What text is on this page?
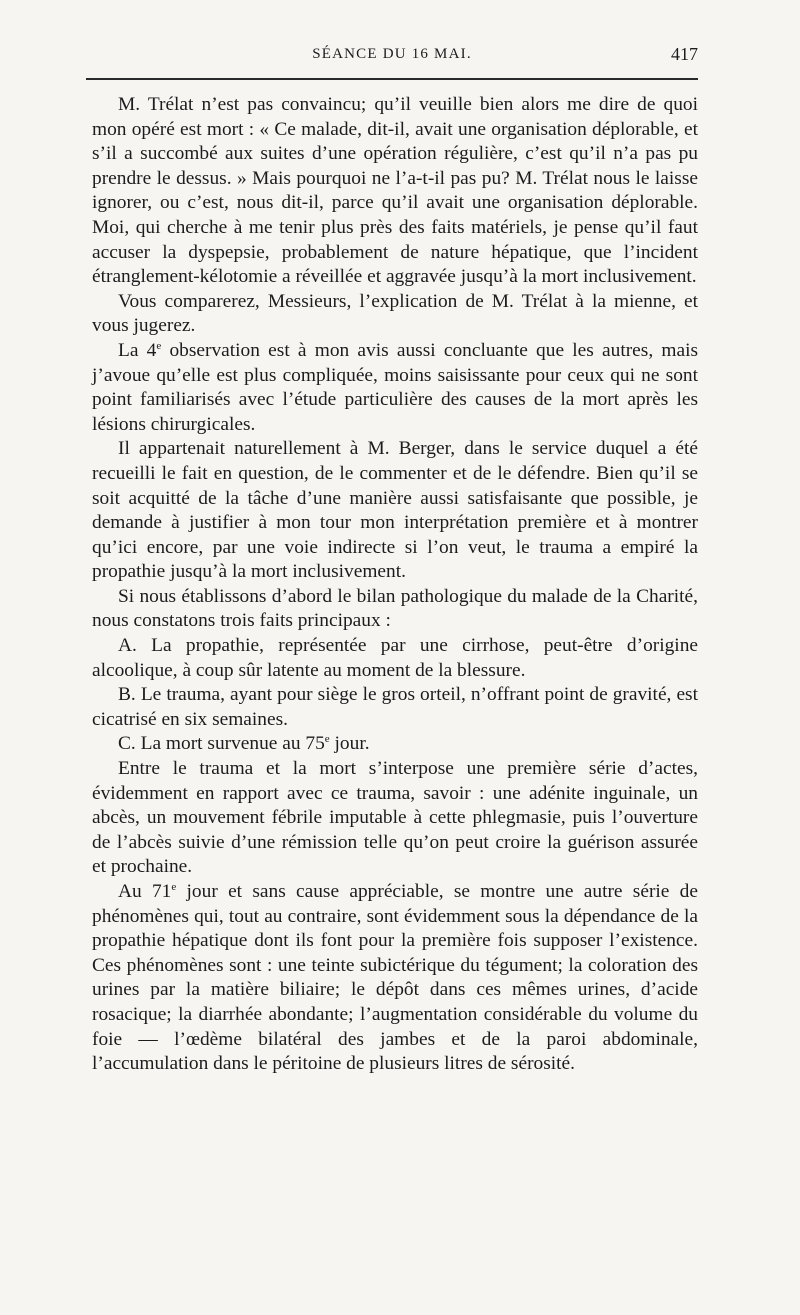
SÉANCE DU 16 MAI.	417

M. Trélat n’est pas convaincu; qu’il veuille bien alors me dire de quoi mon opéré est mort : « Ce malade, dit-il, avait une organisation déplorable, et s’il a succombé aux suites d’une opération régulière, c’est qu’il n’a pas pu prendre le dessus. » Mais pourquoi ne l’a-t-il pas pu? M. Trélat nous le laisse ignorer, ou c’est, nous dit-il, parce qu’il avait une organisation déplorable. Moi, qui cherche à me tenir plus près des faits matériels, je pense qu’il faut accuser la dyspepsie, probablement de nature hépatique, que l’incident étranglement-kélotomie a réveillée et aggravée jusqu’à la mort inclusivement.

Vous comparerez, Messieurs, l’explication de M. Trélat à la mienne, et vous jugerez.

La 4e observation est à mon avis aussi concluante que les autres, mais j’avoue qu’elle est plus compliquée, moins saisissante pour ceux qui ne sont point familiarisés avec l’étude particulière des causes de la mort après les lésions chirurgicales.

Il appartenait naturellement à M. Berger, dans le service duquel a été recueilli le fait en question, de le commenter et de le défendre. Bien qu’il se soit acquitté de la tâche d’une manière aussi satisfaisante que possible, je demande à justifier à mon tour mon interprétation première et à montrer qu’ici encore, par une voie indirecte si l’on veut, le trauma a empiré la propathie jusqu’à la mort inclusivement.

Si nous établissons d’abord le bilan pathologique du malade de la Charité, nous constatons trois faits principaux :

A. La propathie, représentée par une cirrhose, peut-être d’origine alcoolique, à coup sûr latente au moment de la blessure.

B. Le trauma, ayant pour siège le gros orteil, n’offrant point de gravité, est cicatrisé en six semaines.

C. La mort survenue au 75e jour.

Entre le trauma et la mort s’interpose une première série d’actes, évidemment en rapport avec ce trauma, savoir : une adénite inguinale, un abcès, un mouvement fébrile imputable à cette phlegmasie, puis l’ouverture de l’abcès suivie d’une rémission telle qu’on peut croire la guérison assurée et prochaine.

Au 71e jour et sans cause appréciable, se montre une autre série de phénomènes qui, tout au contraire, sont évidemment sous la dépendance de la propathie hépatique dont ils font pour la première fois supposer l’existence. Ces phénomènes sont : une teinte subictérique du tégument; la coloration des urines par la matière biliaire; le dépôt dans ces mêmes urines, d’acide rosacique; la diarrhée abondante; l’augmentation considérable du volume du foie — l’œdème bilatéral des jambes et de la paroi abdominale, l’accumulation dans le péritoine de plusieurs litres de sérosité.
